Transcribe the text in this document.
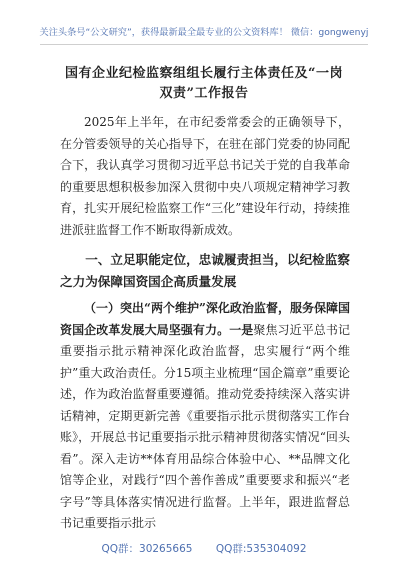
关注头条号“公文研究”，获得最新最全最专业的公文资料库！ 微信：gongwenyj
国有企业纪检监察组组长履行主体责任及“一岗双责”工作报告

2025年上半年，在市纪委常委会的正确领导下，在分管委领导的关心指导下，在驻在部门党委的协同配合下，我认真学习贯彻习近平总书记关于党的自我革命的重要思想积极参加深入贯彻中央八项规定精神学习教育，扎实开展纪检监察工作“三化”建设年行动，持续推进派驻监督工作不断取得新成效。

一、立足职能定位，忠诚履责担当，以纪检监察之力为保障国资国企高质量发展

（一）突出“两个维护”深化政治监督，服务保障国资国企改革发展大局坚强有力。一是聚焦习近平总书记重要指示批示精神深化政治监督，忠实履行“两个维护”重大政治责任。分15项主业梳理“国企篇章”重要论述，作为政治监督重要遵循。推动党委持续深入落实讲话精神，定期更新完善《重要指示批示贯彻落实工作台账》，开展总书记重要指示批示精神贯彻落实情况“回头看”。深入走访**体育用品综合体验中心、**品牌文化馆等企业，对践行“四个善作善成”重要要求和振兴“老字号”等具体落实情况进行监督。上半年，跟进监督总书记重要指示批示

QQ群：30265665 QQ群:535304092
